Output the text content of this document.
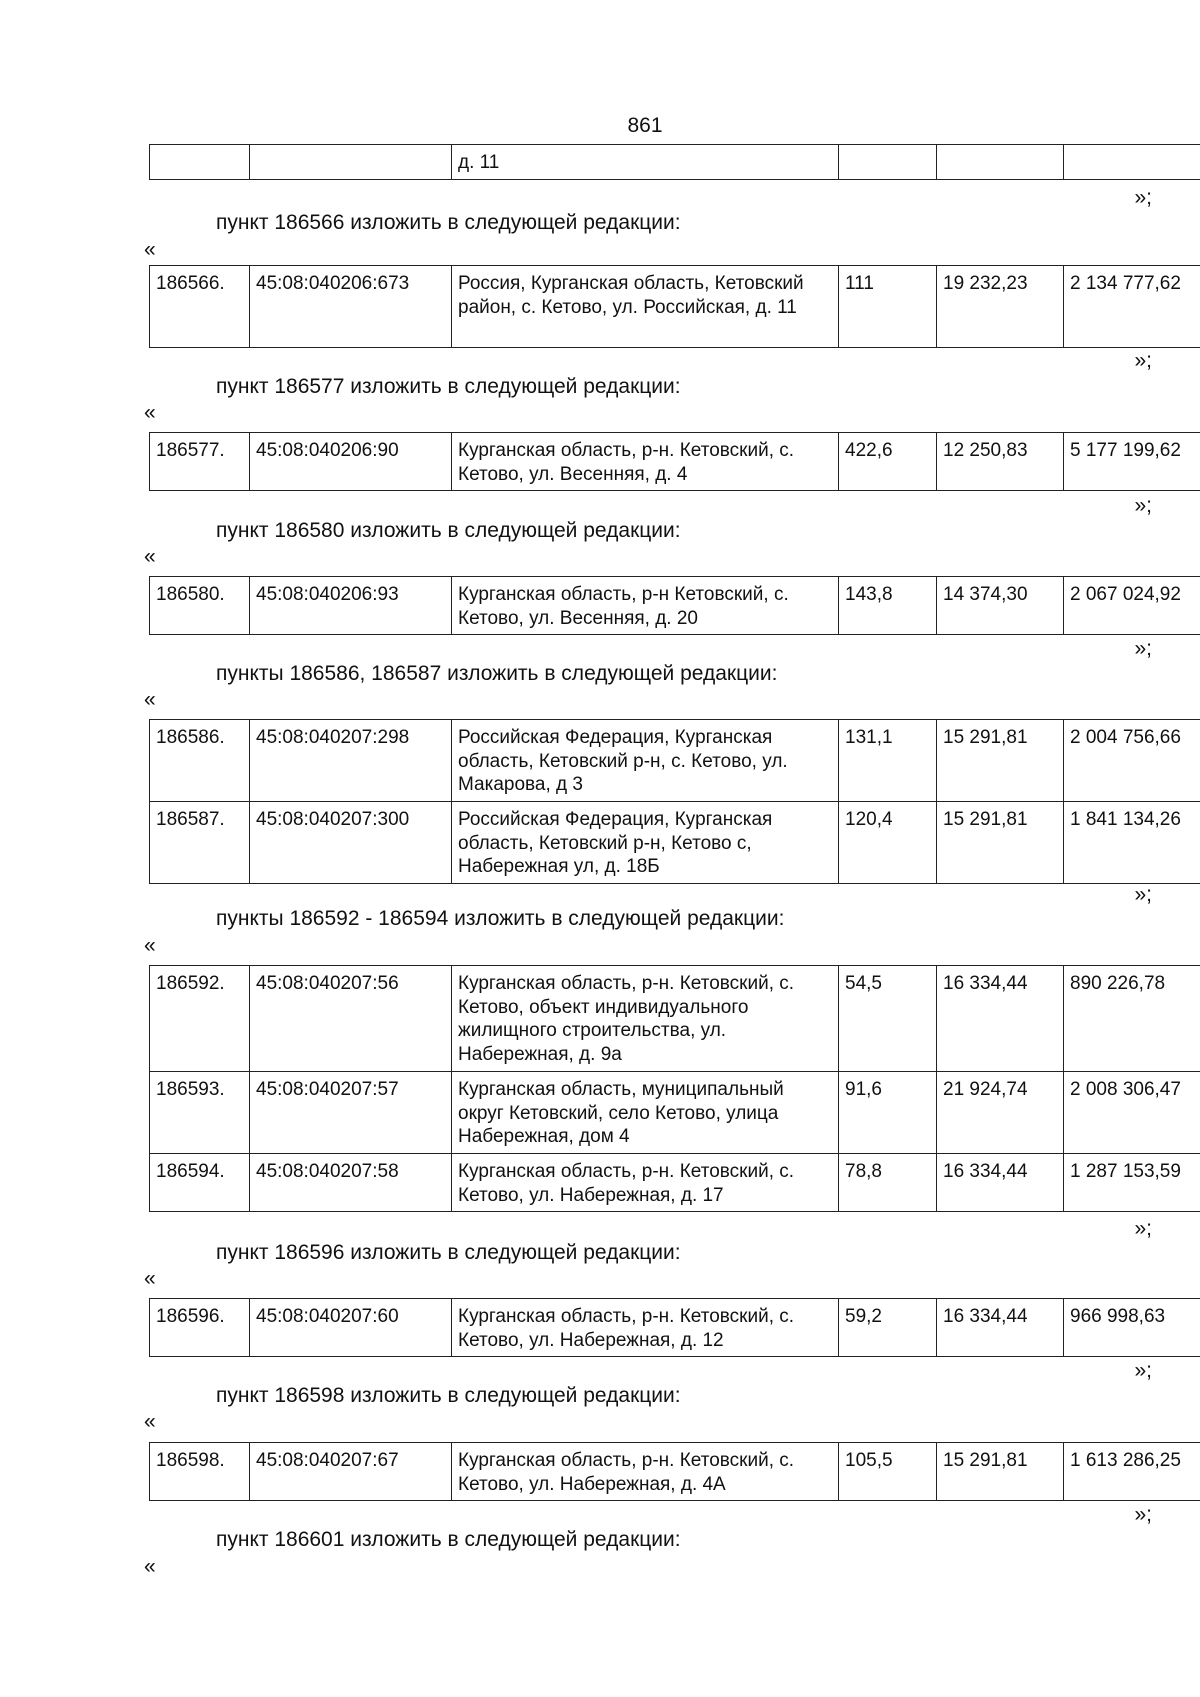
861
		д. 11			
»;
пункт 186566 изложить в следующей редакции:
«
186566.	45:08:040206:673	Россия, Курганская область, Кетовский район, с. Кетово, ул. Российская, д. 11	111	19 232,23	2 134 777,62
»;
пункт 186577 изложить в следующей редакции:
«
186577.	45:08:040206:90	Курганская область, р-н. Кетовский, с. Кетово, ул. Весенняя, д. 4	422,6	12 250,83	5 177 199,62
»;
пункт 186580 изложить в следующей редакции:
«
186580.	45:08:040206:93	Курганская область, р-н Кетовский, с. Кетово, ул. Весенняя, д. 20	143,8	14 374,30	2 067 024,92
»;
пункты 186586, 186587 изложить в следующей редакции:
«
186586.	45:08:040207:298	Российская Федерация, Курганская область, Кетовский р-н, с. Кетово, ул. Макарова, д 3	131,1	15 291,81	2 004 756,66
186587.	45:08:040207:300	Российская Федерация, Курганская область, Кетовский р-н, Кетово с, Набережная ул, д. 18Б	120,4	15 291,81	1 841 134,26
»;
пункты 186592 - 186594 изложить в следующей редакции:
«
186592.	45:08:040207:56	Курганская область, р-н. Кетовский, с. Кетово, объект индивидуального жилищного строительства, ул. Набережная, д. 9а	54,5	16 334,44	890 226,78
186593.	45:08:040207:57	Курганская область, муниципальный округ Кетовский, село Кетово, улица Набережная, дом 4	91,6	21 924,74	2 008 306,47
186594.	45:08:040207:58	Курганская область, р-н. Кетовский, с. Кетово, ул. Набережная, д. 17	78,8	16 334,44	1 287 153,59
»;
пункт 186596 изложить в следующей редакции:
«
186596.	45:08:040207:60	Курганская область, р-н. Кетовский, с. Кетово, ул. Набережная, д. 12	59,2	16 334,44	966 998,63
»;
пункт 186598 изложить в следующей редакции:
«
186598.	45:08:040207:67	Курганская область, р-н. Кетовский, с. Кетово, ул. Набережная, д. 4А	105,5	15 291,81	1 613 286,25
»;
пункт 186601 изложить в следующей редакции:
«
